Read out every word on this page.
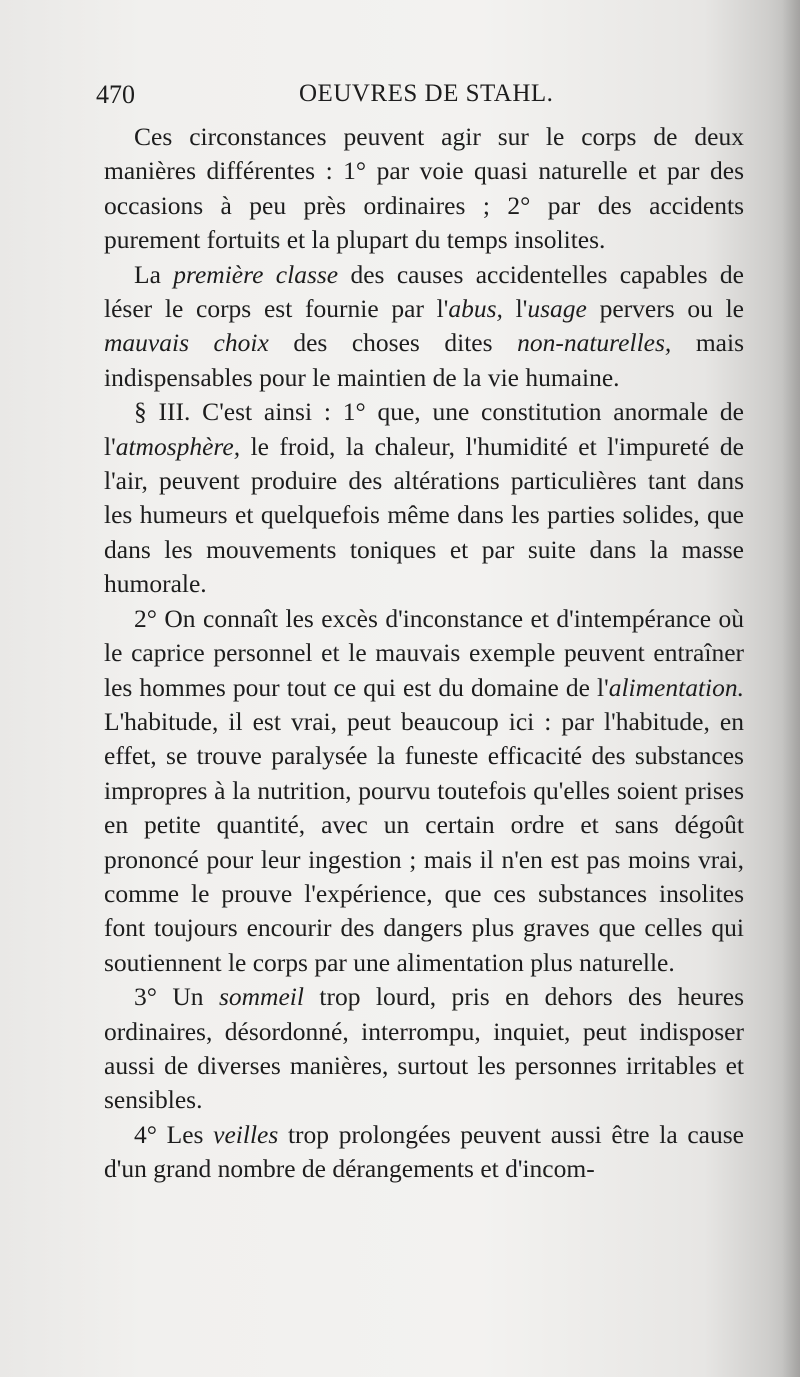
470	OEUVRES DE STAHL.

Ces circonstances peuvent agir sur le corps de deux manières différentes : 1° par voie quasi naturelle et par des occasions à peu près ordinaires ; 2° par des accidents purement fortuits et la plupart du temps insolites.

La première classe des causes accidentelles capables de léser le corps est fournie par l'abus, l'usage pervers ou le mauvais choix des choses dites non-naturelles, mais indispensables pour le maintien de la vie humaine.

§ III. C'est ainsi : 1° que, une constitution anormale de l'atmosphère, le froid, la chaleur, l'humidité et l'impureté de l'air, peuvent produire des altérations particulières tant dans les humeurs et quelquefois même dans les parties solides, que dans les mouvements toniques et par suite dans la masse humorale.

2° On connaît les excès d'inconstance et d'intempérance où le caprice personnel et le mauvais exemple peuvent entraîner les hommes pour tout ce qui est du domaine de l'alimentation. L'habitude, il est vrai, peut beaucoup ici : par l'habitude, en effet, se trouve paralysée la funeste efficacité des substances impropres à la nutrition, pourvu toutefois qu'elles soient prises en petite quantité, avec un certain ordre et sans dégoût prononcé pour leur ingestion ; mais il n'en est pas moins vrai, comme le prouve l'expérience, que ces substances insolites font toujours encourir des dangers plus graves que celles qui soutiennent le corps par une alimentation plus naturelle.

3° Un sommeil trop lourd, pris en dehors des heures ordinaires, désordonné, interrompu, inquiet, peut indisposer aussi de diverses manières, surtout les personnes irritables et sensibles.

4° Les veilles trop prolongées peuvent aussi être la cause d'un grand nombre de dérangements et d'incom-
